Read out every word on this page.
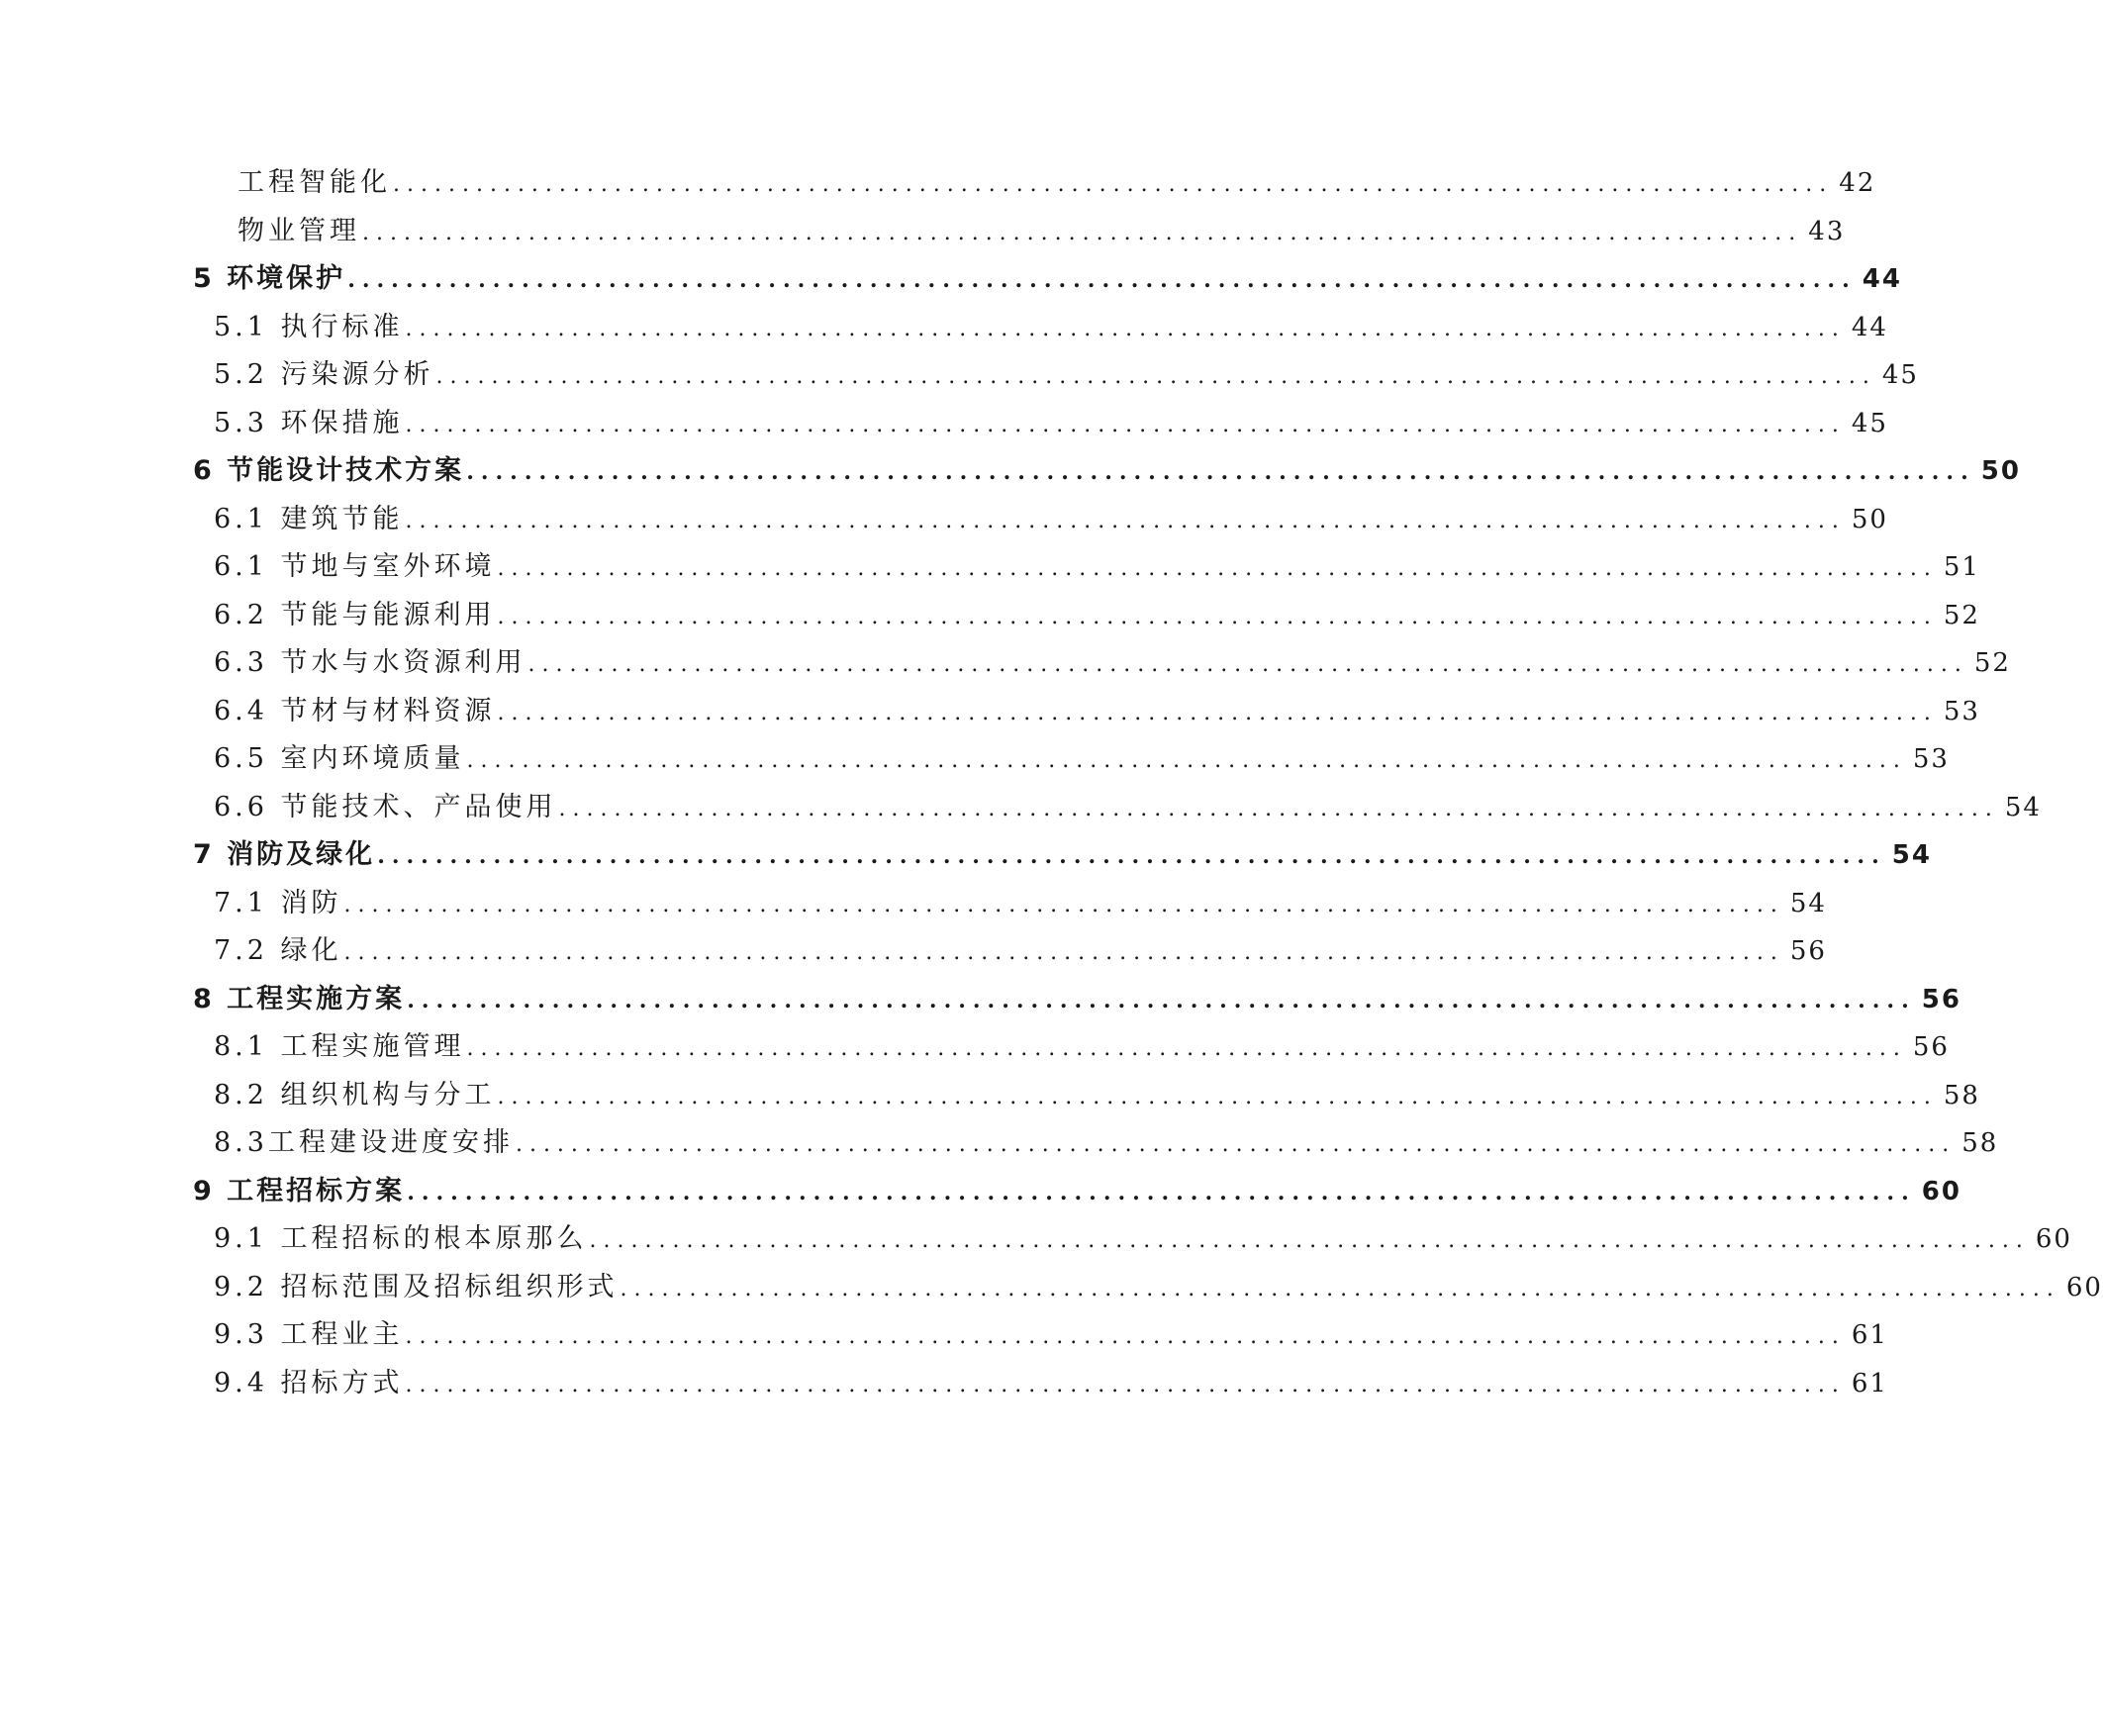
工程智能化 ........................................................................................................ 42
物业管理 ........................................................................................................ 43
5 环境保护 ........................................................................................................ 44
5.1 执行标准 ........................................................................................................ 44
5.2 污染源分析 ........................................................................................................ 45
5.3 环保措施 ........................................................................................................ 45
6 节能设计技术方案 ........................................................................................................ 50
6.1 建筑节能 ........................................................................................................ 50
6.1 节地与室外环境 ........................................................................................................ 51
6.2 节能与能源利用 ........................................................................................................ 52
6.3 节水与水资源利用 ........................................................................................................ 52
6.4 节材与材料资源 ........................................................................................................ 53
6.5 室内环境质量 ........................................................................................................ 53
6.6 节能技术、产品使用 ........................................................................................................ 54
7 消防及绿化 ........................................................................................................ 54
7.1 消防 ........................................................................................................ 54
7.2 绿化 ........................................................................................................ 56
8 工程实施方案 ........................................................................................................ 56
8.1 工程实施管理 ........................................................................................................ 56
8.2 组织机构与分工 ........................................................................................................ 58
8.3工程建设进度安排 ........................................................................................................ 58
9 工程招标方案 ........................................................................................................ 60
9.1 工程招标的根本原那么 ........................................................................................................ 60
9.2 招标范围及招标组织形式 ........................................................................................................ 60
9.3 工程业主 ........................................................................................................ 61
9.4 招标方式 ........................................................................................................ 61
